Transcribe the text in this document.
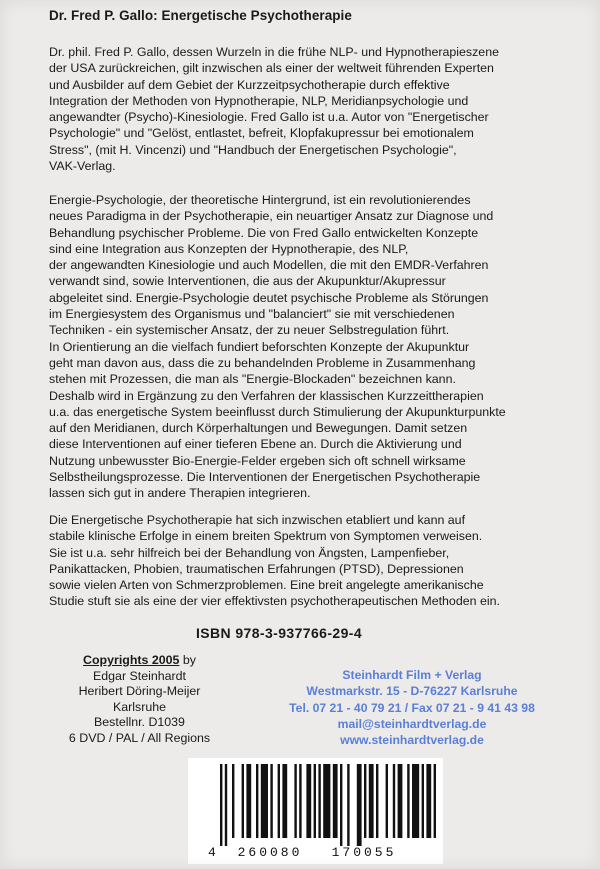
Dr. Fred P. Gallo: Energetische Psychotherapie

Dr. phil. Fred P. Gallo, dessen Wurzeln in die frühe NLP- und Hypnotherapieszene
der USA zurückreichen, gilt inzwischen als einer der weltweit führenden Experten
und Ausbilder auf dem Gebiet der Kurzzeitpsychotherapie durch effektive
Integration der Methoden von Hypnotherapie, NLP, Meridianpsychologie und
angewandter (Psycho)-Kinesiologie. Fred Gallo ist u.a. Autor von "Energetischer
Psychologie" und "Gelöst, entlastet, befreit, Klopfakupressur bei emotionalem
Stress", (mit H. Vincenzi) und "Handbuch der Energetischen Psychologie",
VAK-Verlag.

Energie-Psychologie, der theoretische Hintergrund, ist ein revolutionierendes
neues Paradigma in der Psychotherapie, ein neuartiger Ansatz zur Diagnose und
Behandlung psychischer Probleme. Die von Fred Gallo entwickelten Konzepte
sind eine Integration aus Konzepten der Hypnotherapie, des NLP,
der angewandten Kinesiologie und auch Modellen, die mit den EMDR-Verfahren
verwandt sind, sowie Interventionen, die aus der Akupunktur/Akupressur
abgeleitet sind. Energie-Psychologie deutet psychische Probleme als Störungen
im Energiesystem des Organismus und "balanciert" sie mit verschiedenen
Techniken - ein systemischer Ansatz, der zu neuer Selbstregulation führt.
In Orientierung an die vielfach fundiert beforschten Konzepte der Akupunktur
geht man davon aus, dass die zu behandelnden Probleme in Zusammenhang
stehen mit Prozessen, die man als "Energie-Blockaden" bezeichnen kann.
Deshalb wird in Ergänzung zu den Verfahren der klassischen Kurzzeittherapien
u.a. das energetische System beeinflusst durch Stimulierung der Akupunkturpunkte
auf den Meridianen, durch Körperhaltungen und Bewegungen. Damit setzen
diese Interventionen auf einer tieferen Ebene an. Durch die Aktivierung und
Nutzung unbewusster Bio-Energie-Felder ergeben sich oft schnell wirksame
Selbstheilungsprozesse. Die Interventionen der Energetischen Psychotherapie
lassen sich gut in andere Therapien integrieren.

Die Energetische Psychotherapie hat sich inzwischen etabliert und kann auf
stabile klinische Erfolge in einem breiten Spektrum von Symptomen verweisen.
Sie ist u.a. sehr hilfreich bei der Behandlung von Ängsten, Lampenfieber,
Panikattacken, Phobien, traumatischen Erfahrungen (PTSD), Depressionen
sowie vielen Arten von Schmerzproblemen. Eine breit angelegte amerikanische
Studie stuft sie als eine der vier effektivsten psychotherapeutischen Methoden ein.

ISBN 978-3-937766-29-4
Copyrights 2005 by
Edgar Steinhardt
Heribert Döring-Meijer
Karlsruhe
Bestellnr. D1039
6 DVD / PAL / All Regions
Steinhardt Film + Verlag
Westmarkstr. 15 - D-76227 Karlsruhe
Tel. 07 21 - 40 79 21 / Fax 07 21 - 9 41 43 98
mail@steinhardtverlag.de
www.steinhardtverlag.de
4 260080 170055
